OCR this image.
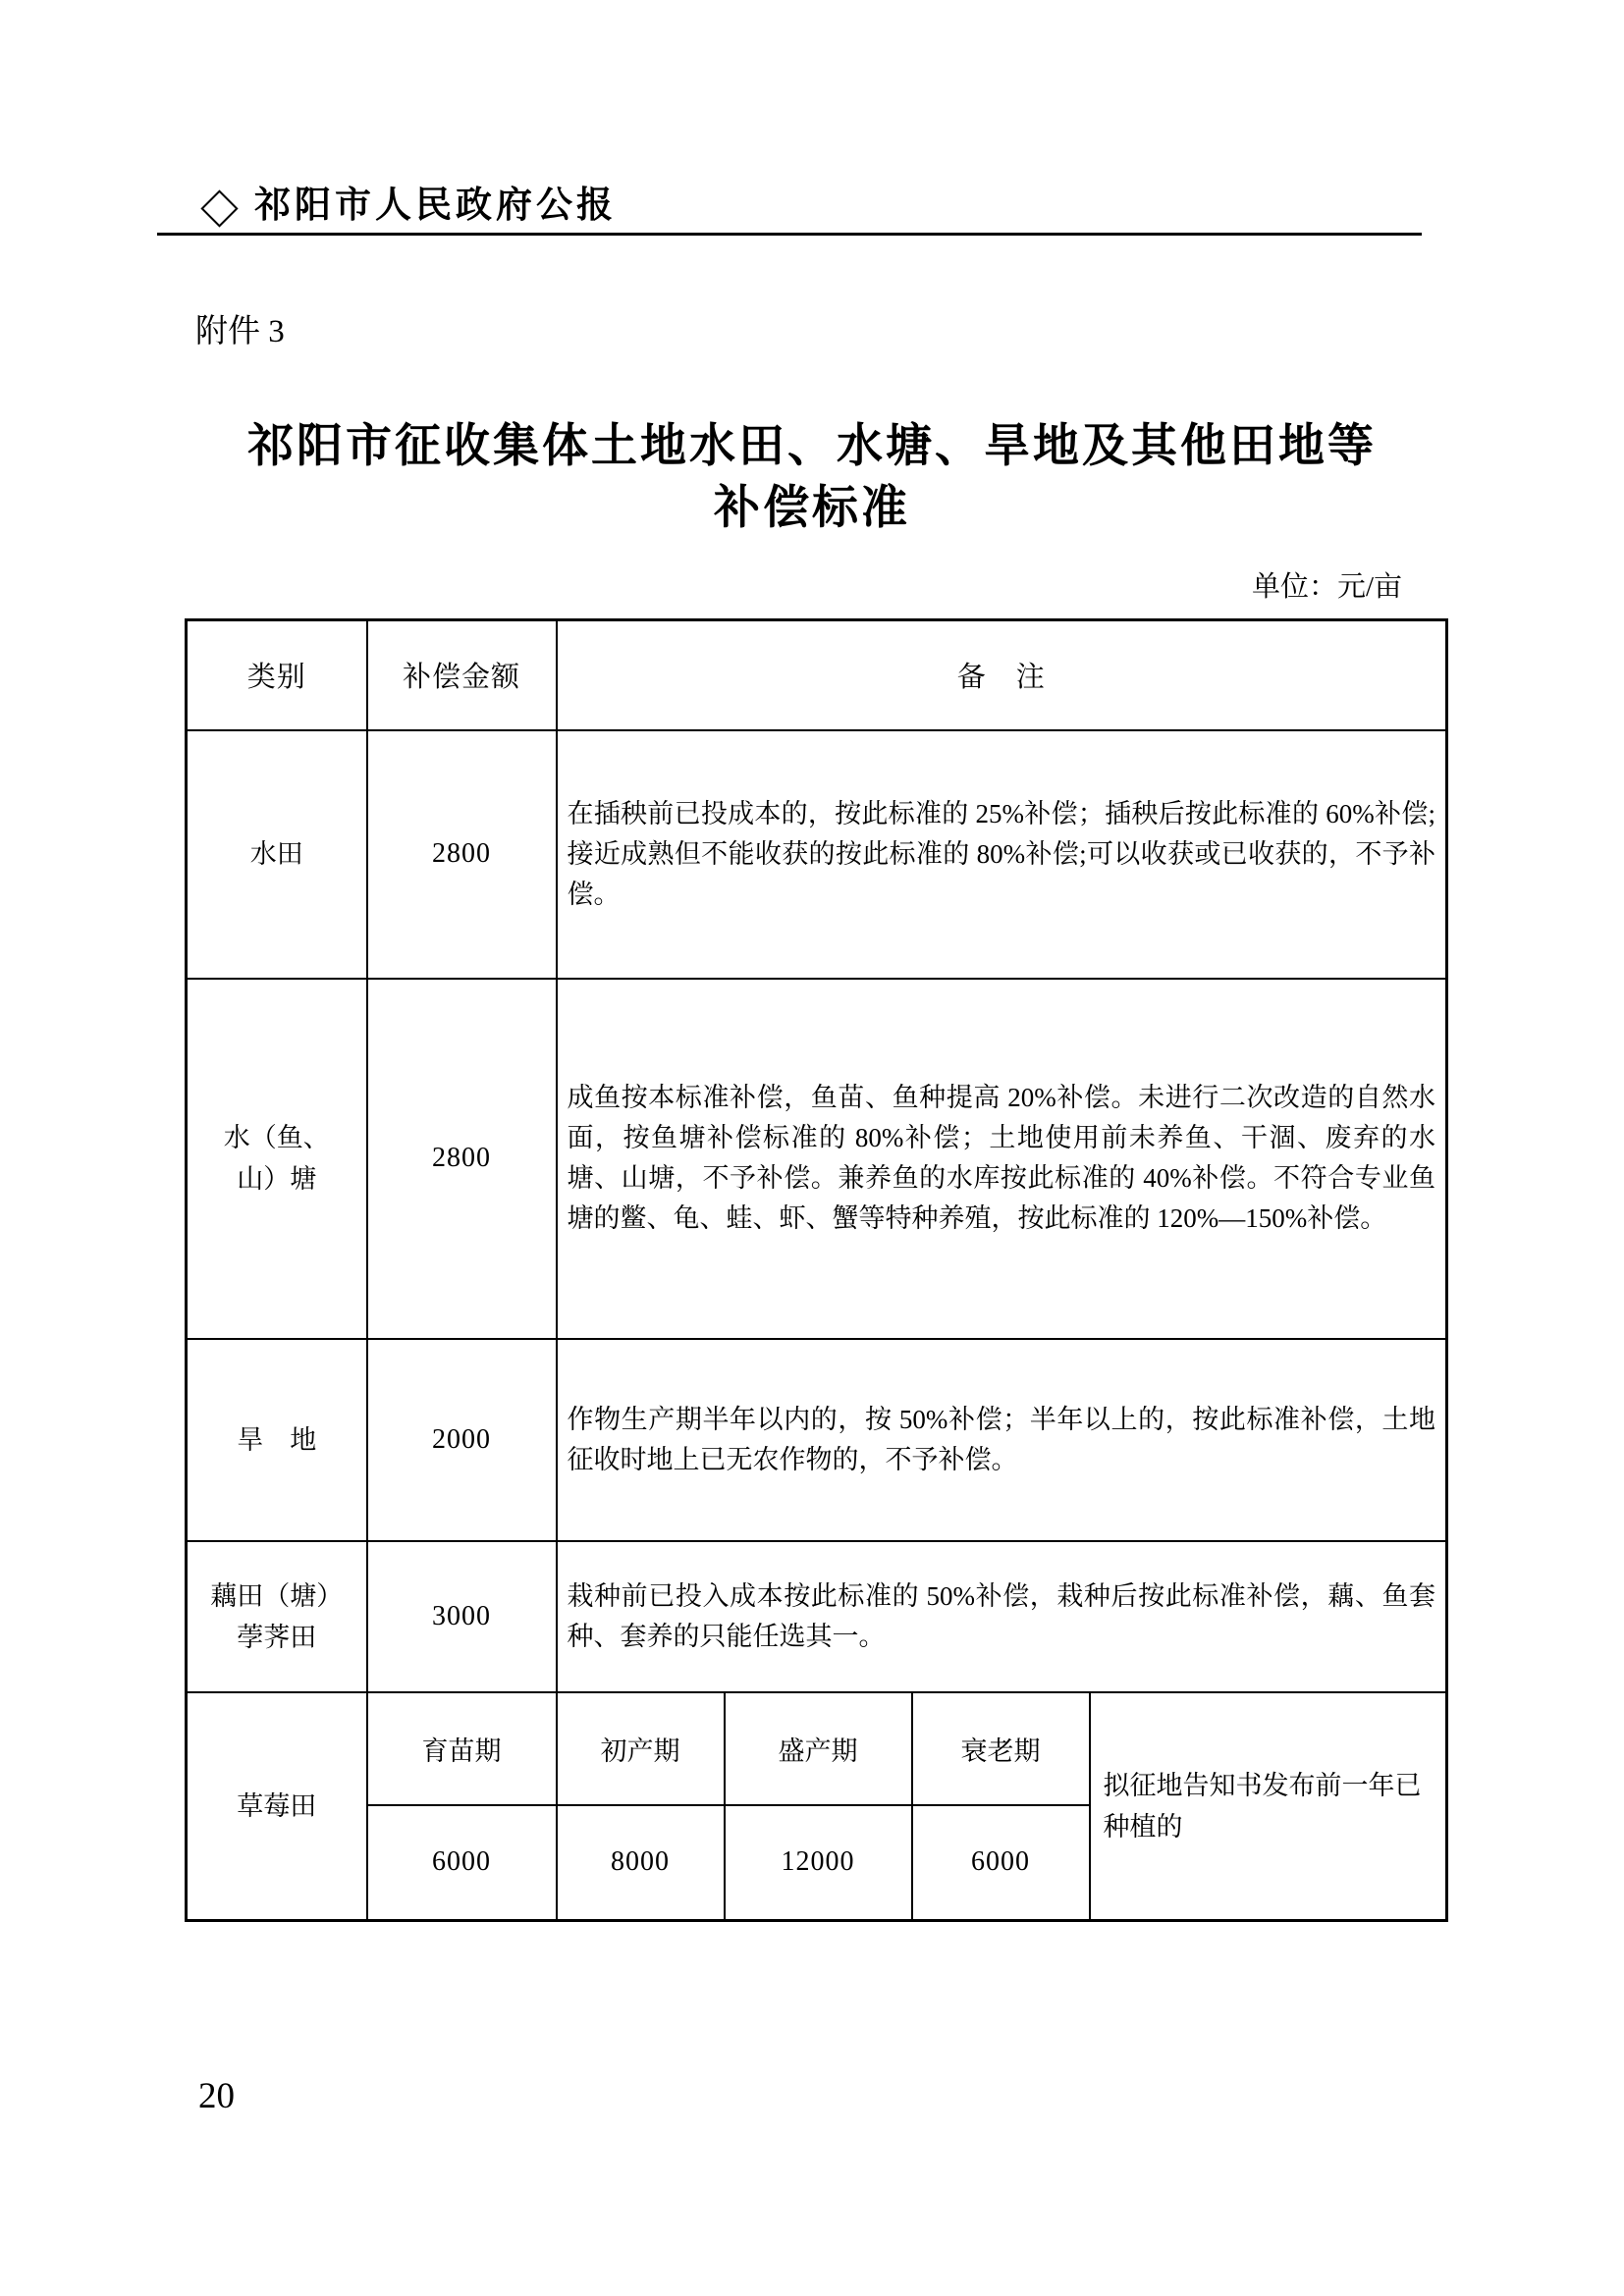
祁阳市人民政府公报
附件 3
祁阳市征收集体土地水田、水塘、旱地及其他田地等
补偿标准
单位：元/亩
类别	补偿金额	备　注			

水田	2800	在插秧前已投成本的，按此标准的 25%补偿；插秧后按此标准的 60%补偿;接近成熟但不能收获的按此标准的 80%补偿;可以收获或已收获的，不予补偿。			

水（鱼、
山）塘	2800	成鱼按本标准补偿，鱼苗、鱼种提高 20%补偿。未进行二次改造的自然水面，按鱼塘补偿标准的 80%补偿；土地使用前未养鱼、干涸、废弃的水塘、山塘，不予补偿。兼养鱼的水库按此标准的 40%补偿。不符合专业鱼塘的鳖、龟、蛙、虾、蟹等特种养殖，按此标准的 120%—150%补偿。			

旱　地	2000	作物生产期半年以内的，按 50%补偿；半年以上的，按此标准补偿，土地征收时地上已无农作物的，不予补偿。			

藕田（塘）
荸荠田	3000	栽种前已投入成本按此标准的 50%补偿，栽种后按此标准补偿，藕、鱼套种、套养的只能任选其一。			
草莓田	育苗期	初产期	盛产期	衰老期	拟征地告知书发布前一年已种植的
	6000	8000	12000	6000	
20
